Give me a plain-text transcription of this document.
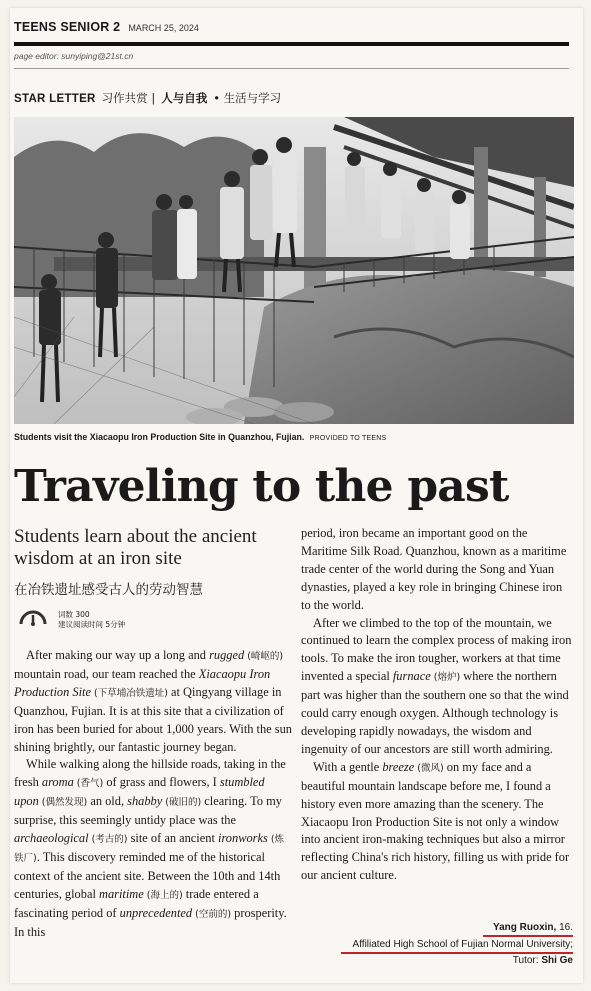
TEENS SENIOR 2 MARCH 25, 2024
page editor: sunyiping@21st.cn
STAR LETTER 习作共赏 | 人与自我 • 生活与学习
Students visit the Xiacaopu Iron Production Site in Quanzhou, Fujian. PROVIDED TO TEENS
Traveling to the past
Students learn about the ancient wisdom at an iron site
在冶铁遗址感受古人的劳动智慧
词数 300
建议阅读时间 5分钟

After making our way up a long and rugged (崎岖的) mountain road, our team reached the Xiacaopu Iron Production Site (下草埔冶铁遗址) at Qingyang village in Quanzhou, Fujian. It is at this site that a civilization of iron has been buried for about 1,000 years. With the sun shining brightly, our fantastic journey began.

While walking along the hillside roads, taking in the fresh aroma (香气) of grass and flowers, I stumbled upon (偶然发现) an old, shabby (破旧的) clearing. To my surprise, this seemingly untidy place was the archaeological (考古的) site of an ancient ironworks (炼铁厂). This discovery reminded me of the historical context of the ancient site. Between the 10th and 14th centuries, global maritime (海上的) trade entered a fascinating period of unprecedented (空前的) prosperity. In this

period, iron became an important good on the Maritime Silk Road. Quanzhou, known as a maritime trade center of the world during the Song and Yuan dynasties, played a key role in bringing Chinese iron to the world.

After we climbed to the top of the mountain, we continued to learn the complex process of making iron tools. To make the iron tougher, workers at that time invented a special furnace (熔炉) where the northern part was higher than the southern one so that the wind could carry enough oxygen. Although technology is developing rapidly nowadays, the wisdom and ingenuity of our ancestors are still worth admiring.

With a gentle breeze (微风) on my face and a beautiful mountain landscape before me, I found a history even more amazing than the scenery. The Xiacaopu Iron Production Site is not only a window into ancient iron-making techniques but also a mirror reflecting China's rich history, filling us with pride for our ancient culture.

Yang Ruoxin, 16.
Affiliated High School of Fujian Normal University;
Tutor: Shi Ge
